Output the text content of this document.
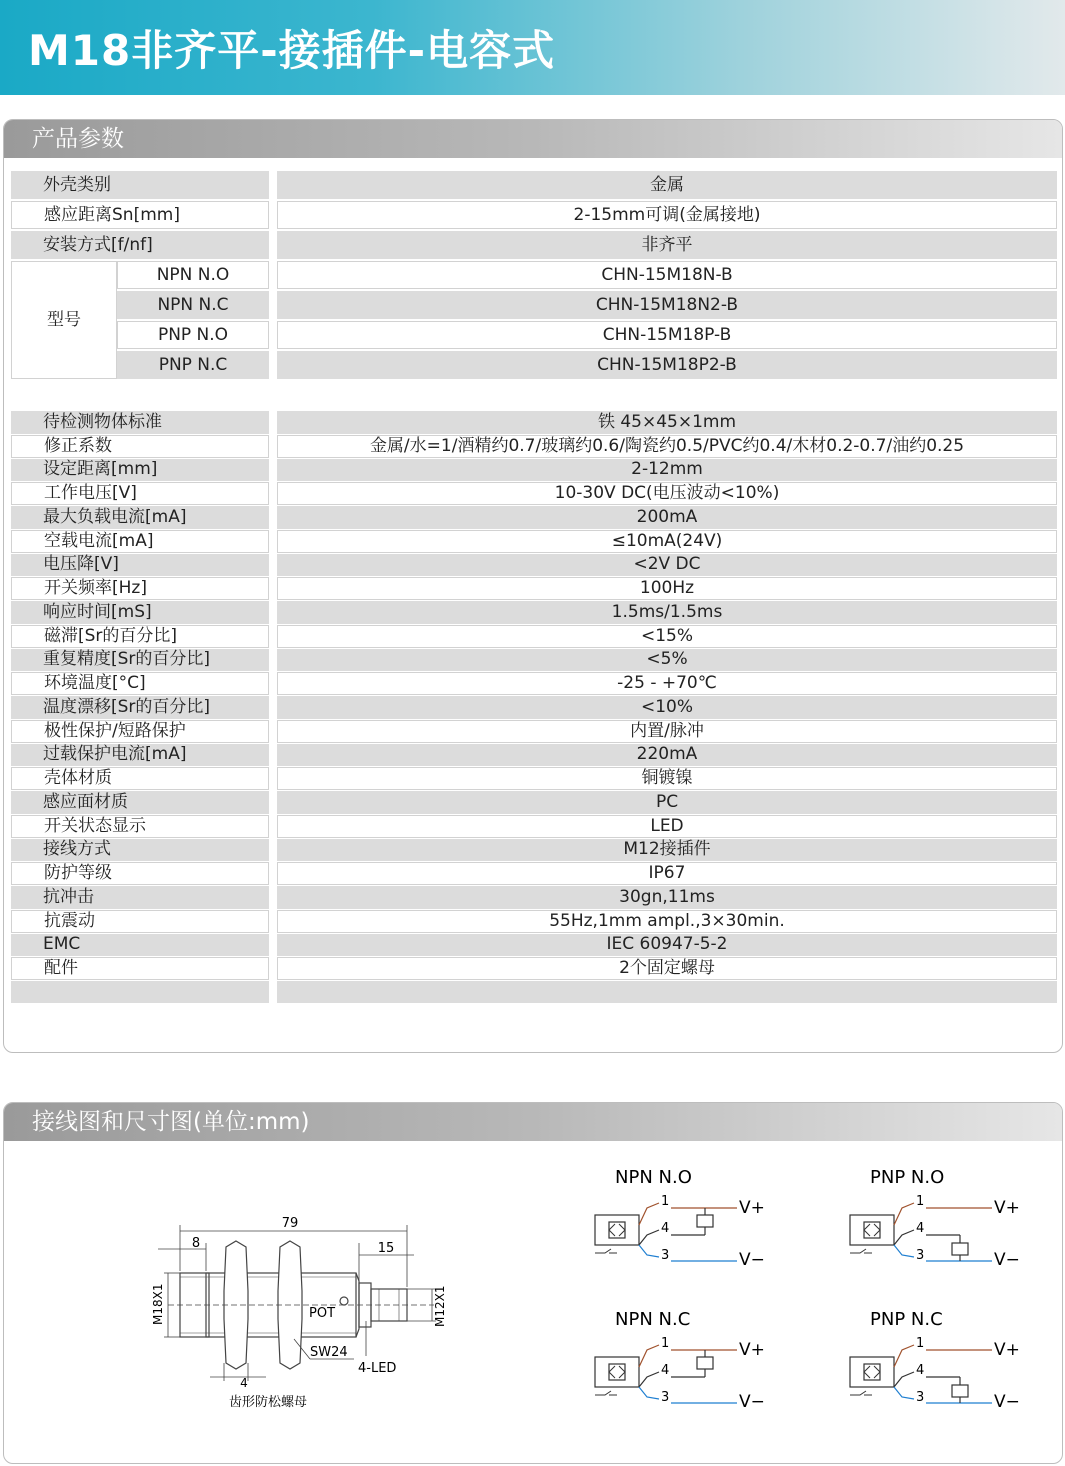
M18非齐平-接插件-电容式
产品参数
外壳类别	金属
感应距离Sn[mm]	2-15mm可调(金属接地)
安装方式[f/nf]	非齐平
型号
NPN N.O	CHN-15M18N-B
NPN N.C	CHN-15M18N2-B
PNP N.O	CHN-15M18P-B
PNP N.C	CHN-15M18P2-B
待检测物体标准	铁 45×45×1mm
修正系数	金属/水=1/酒精约0.7/玻璃约0.6/陶瓷约0.5/PVC约0.4/木材0.2-0.7/油约0.25
设定距离[mm]	2-12mm
工作电压[V]	10-30V DC(电压波动<10%)
最大负载电流[mA]	200mA
空载电流[mA]	≤10mA(24V)
电压降[V]	<2V DC
开关频率[Hz]	100Hz
响应时间[mS]	1.5ms/1.5ms
磁滞[Sr的百分比]	<15%
重复精度[Sr的百分比]	<5%
环境温度[°C]	-25 - +70℃
温度漂移[Sr的百分比]	<10%
极性保护/短路保护	内置/脉冲
过载保护电流[mA]	220mA
壳体材质	铜镀镍
感应面材质	PC
开关状态显示	LED
接线方式	M12接插件
防护等级	IP67
抗冲击	30gn,11ms
抗震动	55Hz,1mm ampl.,3×30min.
EMC	IEC 60947-5-2
配件	2个固定螺母
接线图和尺寸图(单位:mm)
79
8	15
M18X1	M12X1
POT
SW24
4-LED
4
齿形防松螺母
NPN N.O
1
4
3
V+
V−
PNP N.O
1
4
3
V+
V−
NPN N.C
1
4
3
V+
V−
PNP N.C
1
4
3
V+
V−
